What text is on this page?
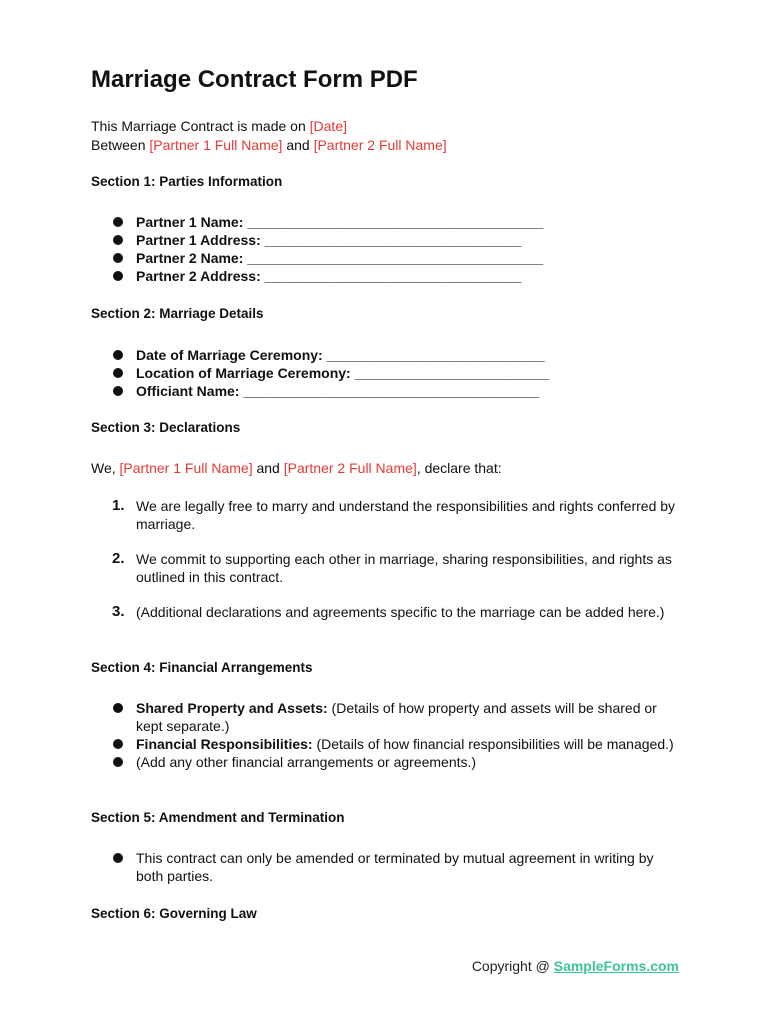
Marriage Contract Form PDF
This Marriage Contract is made on [Date]
Between [Partner 1 Full Name] and [Partner 2 Full Name]
Section 1: Parties Information
Partner 1 Name: ______________________________________
Partner 1 Address: _________________________________
Partner 2 Name: ______________________________________
Partner 2 Address: _________________________________
Section 2: Marriage Details
Date of Marriage Ceremony: ____________________________
Location of Marriage Ceremony: _________________________
Officiant Name: ______________________________________
Section 3: Declarations
We, [Partner 1 Full Name] and [Partner 2 Full Name], declare that:
1. We are legally free to marry and understand the responsibilities and rights conferred by marriage.
2. We commit to supporting each other in marriage, sharing responsibilities, and rights as outlined in this contract.
3. (Additional declarations and agreements specific to the marriage can be added here.)
Section 4: Financial Arrangements
Shared Property and Assets: (Details of how property and assets will be shared or kept separate.)
Financial Responsibilities: (Details of how financial responsibilities will be managed.)
(Add any other financial arrangements or agreements.)
Section 5: Amendment and Termination
This contract can only be amended or terminated by mutual agreement in writing by both parties.
Section 6: Governing Law
Copyright @ SampleForms.com
